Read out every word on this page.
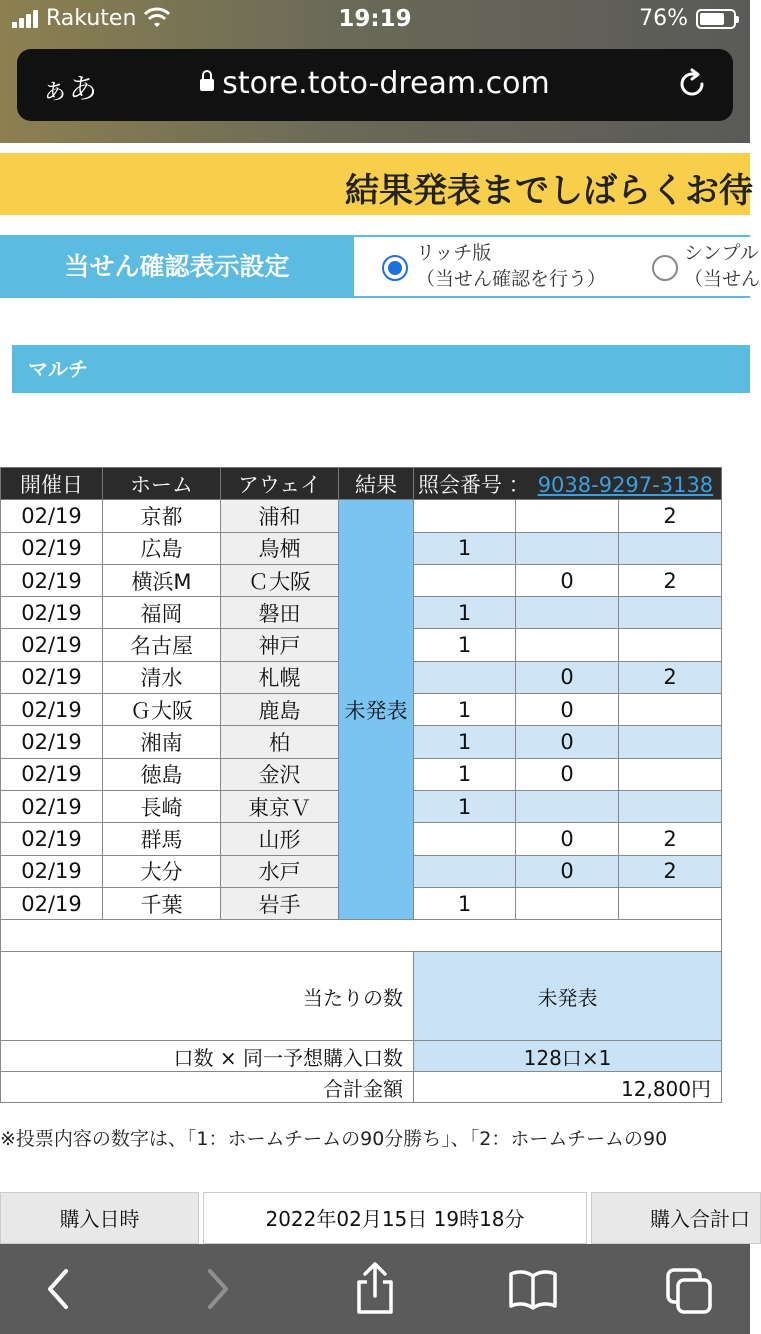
Rakuten	19:19	76%
ぁあ	store.toto-dream.com
結果発表までしばらくお待
当せん確認表示設定	リッチ版
（当せん確認を行う）
シンプル
（当せん
マルチ
開催日	ホーム	アウェイ	結果	照会番号 ： 9038-9297-3138		
02/19	京都	浦和	未発表			2
02/19	広島	鳥栖		1		
02/19	横浜M	Ｃ大阪			0	2
02/19	福岡	磐田		1		
02/19	名古屋	神戸		1		
02/19	清水	札幌			0	2
02/19	Ｇ大阪	鹿島		1	0	
02/19	湘南	柏		1	0	
02/19	徳島	金沢		1	0	
02/19	長崎	東京Ｖ		1		
02/19	群馬	山形			0	2
02/19	大分	水戸			0	2
02/19	千葉	岩手		1		

当たりの数	未発表
口数 × 同一予想購入口数	128口×1
合計金額	12,800円
※投票内容の数字は、「1：ホームチームの90分勝ち」、「2：ホームチームの90
購入日時	2022年02月15日 19時18分	購入合計口
